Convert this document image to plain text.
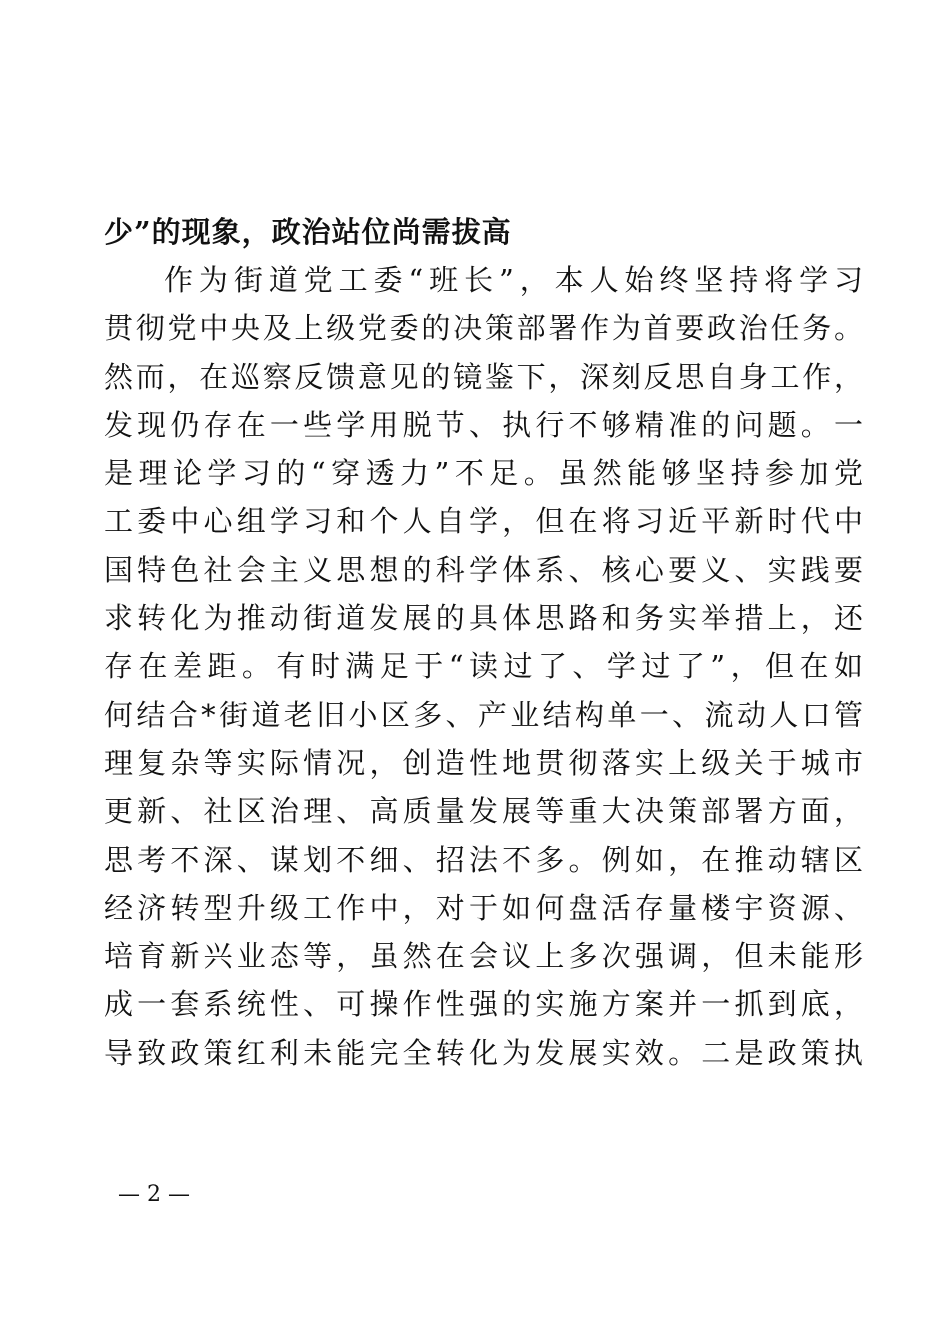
少”的现象，政治站位尚需拔高
作为街道党工委“班长”，本人始终坚持将学习
贯彻党中央及上级党委的决策部署作为首要政治任务。
然而，在巡察反馈意见的镜鉴下，深刻反思自身工作，
发现仍存在一些学用脱节、执行不够精准的问题。一
是理论学习的“穿透力”不足。虽然能够坚持参加党
工委中心组学习和个人自学，但在将习近平新时代中
国特色社会主义思想的科学体系、核心要义、实践要
求转化为推动街道发展的具体思路和务实举措上，还
存在差距。有时满足于“读过了、学过了”，但在如
何结合*街道老旧小区多、产业结构单一、流动人口管
理复杂等实际情况，创造性地贯彻落实上级关于城市
更新、社区治理、高质量发展等重大决策部署方面，
思考不深、谋划不细、招法不多。例如，在推动辖区
经济转型升级工作中，对于如何盘活存量楼宇资源、
培育新兴业态等，虽然在会议上多次强调，但未能形
成一套系统性、可操作性强的实施方案并一抓到底，
导致政策红利未能完全转化为发展实效。二是政策执
— 2 —
